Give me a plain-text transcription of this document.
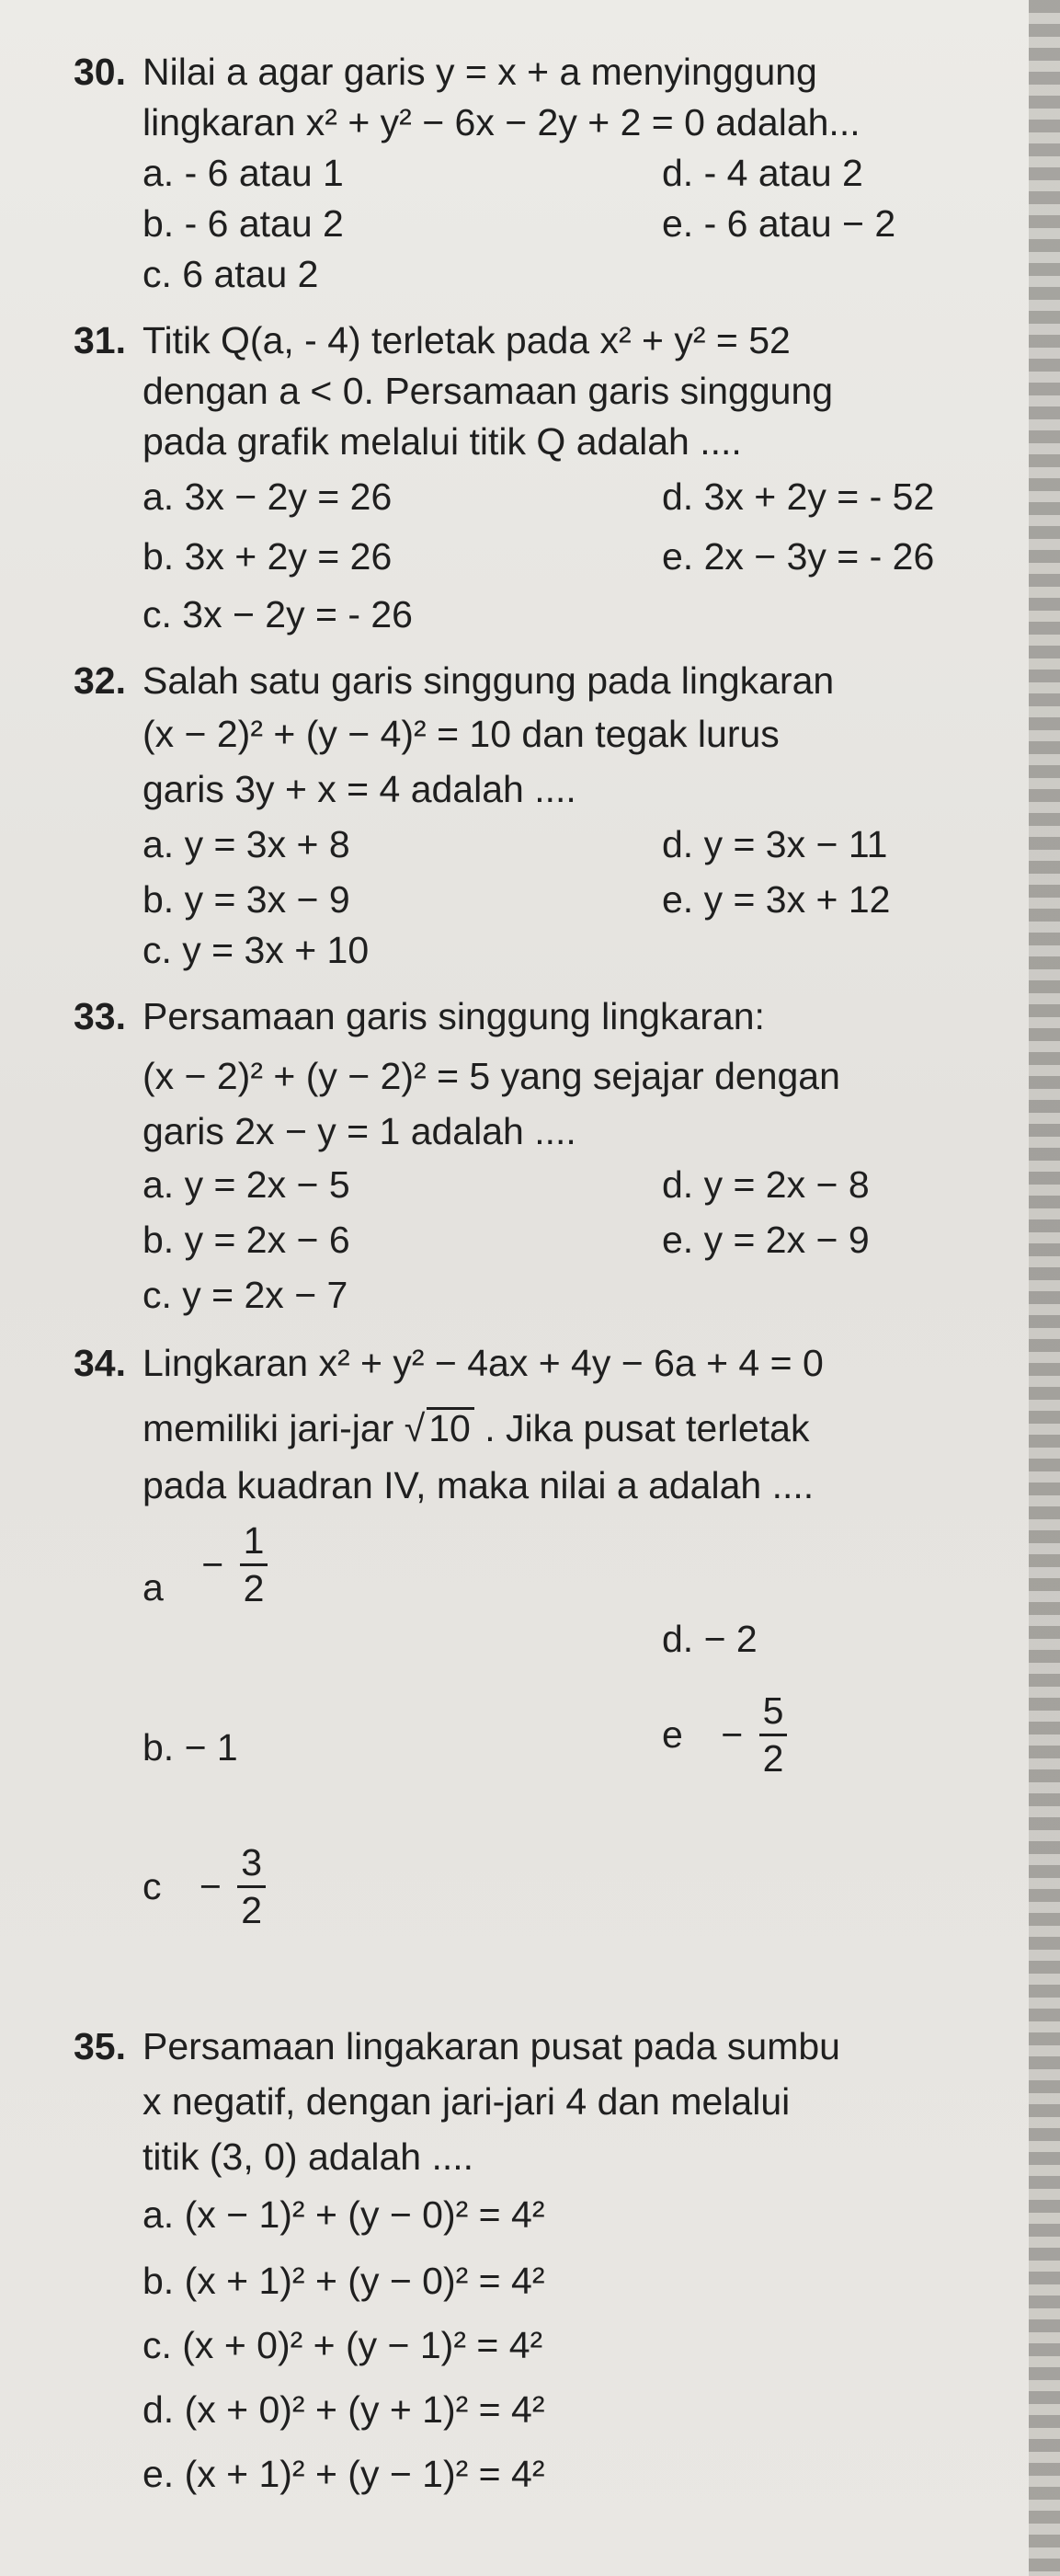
30. Nilai a agar garis y = x + a menyinggung
lingkaran x² + y² − 6x − 2y + 2 = 0 adalah...
a. - 6 atau 1
b. - 6 atau 2
c. 6 atau 2
d. - 4 atau 2
e. - 6 atau − 2
31. Titik Q(a, - 4) terletak pada x² + y² = 52
dengan a < 0. Persamaan garis singgung
pada grafik melalui titik Q adalah ....
a. 3x − 2y = 26
b. 3x + 2y = 26
c. 3x − 2y = - 26
d. 3x + 2y = - 52
e. 2x − 3y = - 26
32. Salah satu garis singgung pada lingkaran
(x − 2)² + (y − 4)² = 10 dan tegak lurus
garis 3y + x = 4 adalah ....
a. y = 3x + 8
b. y = 3x − 9
c. y = 3x + 10
d. y = 3x − 11
e. y = 3x + 12
33. Persamaan garis singgung lingkaran:
(x − 2)² + (y − 2)² = 5 yang sejajar dengan
garis 2x − y = 1 adalah ....
a. y = 2x − 5
b. y = 2x − 6
c. y = 2x − 7
d. y = 2x − 8
e. y = 2x − 9
34. Lingkaran x² + y² − 4ax + 4y − 6a + 4 = 0
memiliki jari-jar √10 . Jika pusat terletak
pada kuadran IV, maka nilai a adalah ....
$a - \frac{1}{2}$
d. − 2
b. − 1	$e - \frac{5}{2}$
$c - \frac{3}{2}$
35. Persamaan lingakaran pusat pada sumbu
x negatif, dengan jari-jari 4 dan melalui
titik (3, 0) adalah ....
a. (x − 1)² + (y − 0)² = 4²
b. (x + 1)² + (y − 0)² = 4²
c. (x + 0)² + (y − 1)² = 4²
d. (x + 0)² + (y + 1)² = 4²
e. (x + 1)² + (y − 1)² = 4²
